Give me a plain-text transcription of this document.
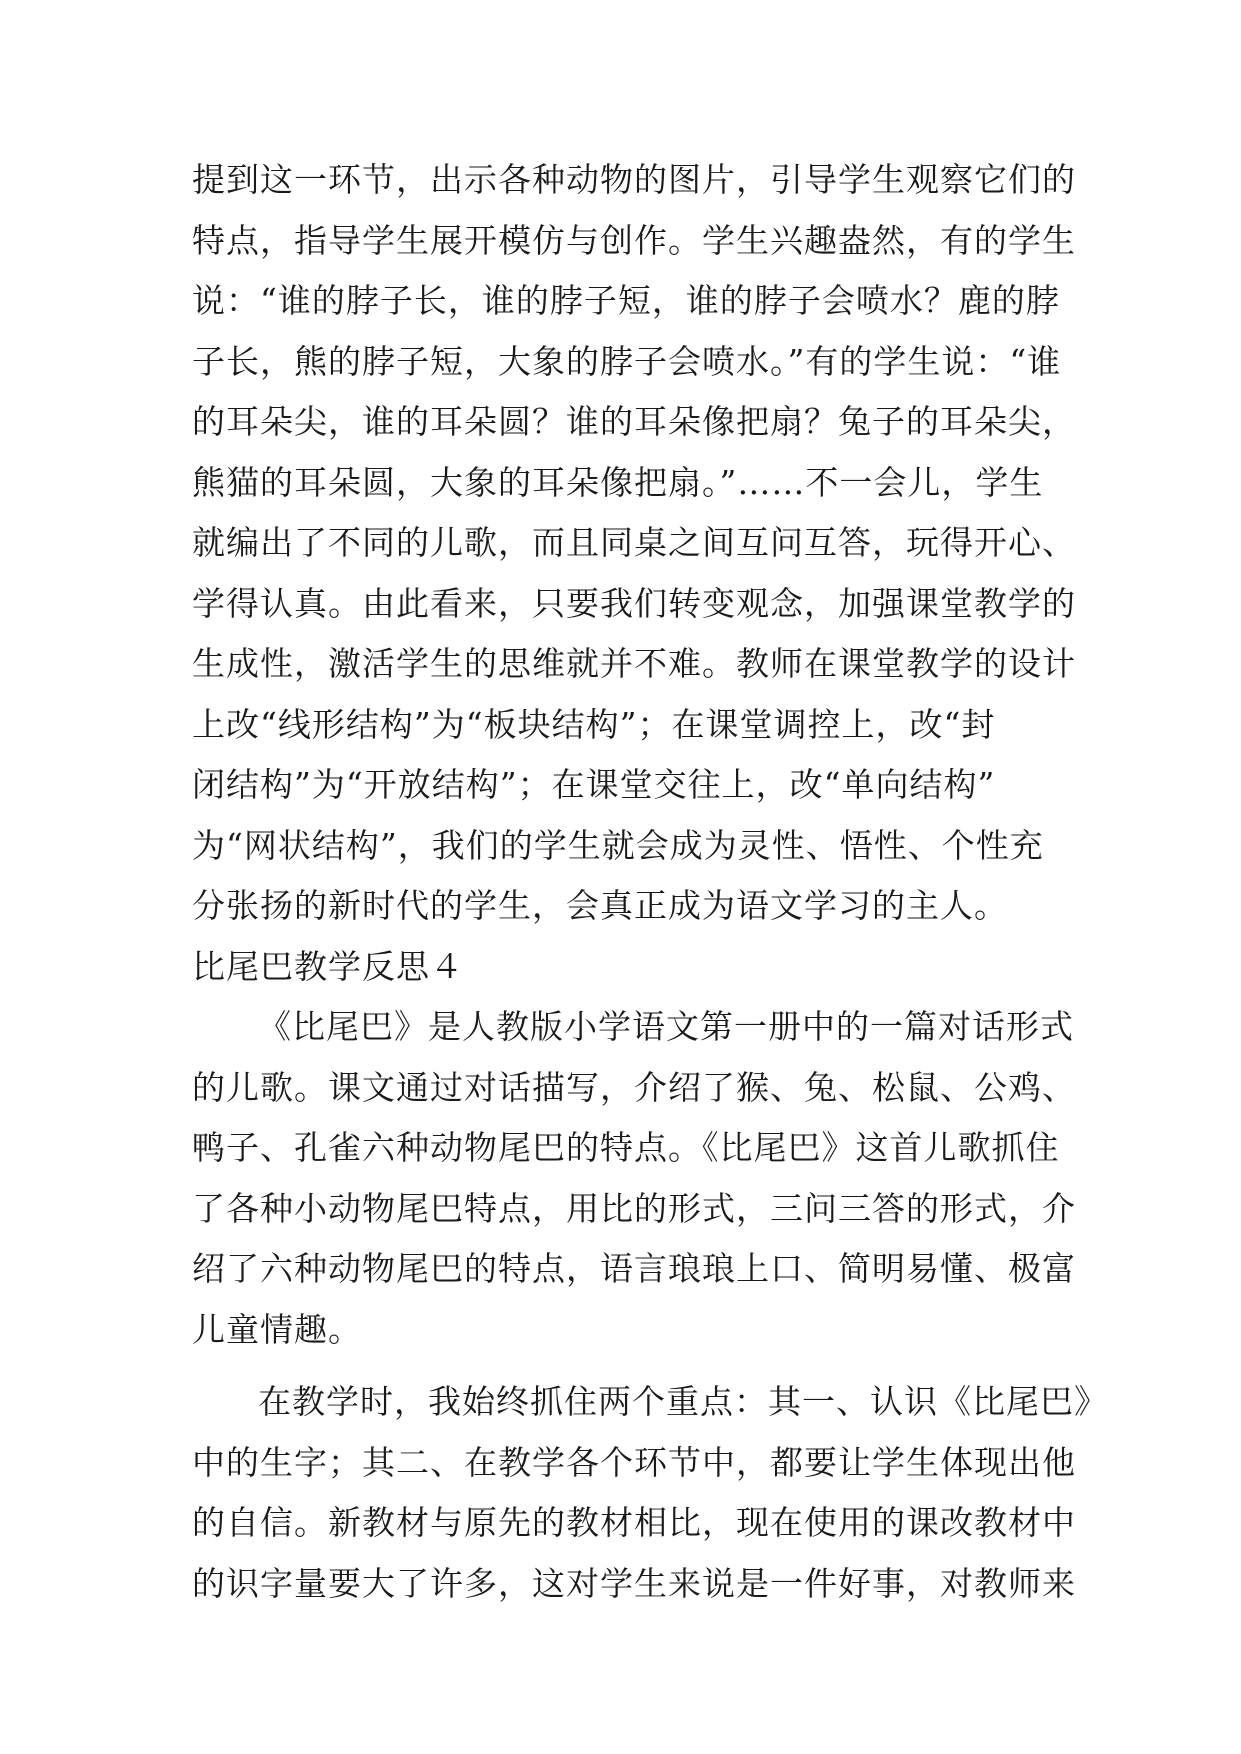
提到这一环节，出示各种动物的图片，引导学生观察它们的
特点，指导学生展开模仿与创作。学生兴趣盎然，有的学生
说：“谁的脖子长，谁的脖子短，谁的脖子会喷水？鹿的脖
子长，熊的脖子短，大象的脖子会喷水。”有的学生说：“谁
的耳朵尖，谁的耳朵圆？谁的耳朵像把扇？兔子的耳朵尖，
熊猫的耳朵圆，大象的耳朵像把扇。”……不一会儿，学生
就编出了不同的儿歌，而且同桌之间互问互答，玩得开心、
学得认真。由此看来，只要我们转变观念，加强课堂教学的
生成性，激活学生的思维就并不难。教师在课堂教学的设计
上改“线形结构”为“板块结构”；在课堂调控上，改“封
闭结构”为“开放结构”；在课堂交往上，改“单向结构”
为“网状结构”，我们的学生就会成为灵性、悟性、个性充
分张扬的新时代的学生，会真正成为语文学习的主人。
比尾巴教学反思４
《比尾巴》是人教版小学语文第一册中的一篇对话形式
的儿歌。课文通过对话描写，介绍了猴、兔、松鼠、公鸡、
鸭子、孔雀六种动物尾巴的特点。《比尾巴》这首儿歌抓住
了各种小动物尾巴特点，用比的形式，三问三答的形式，介
绍了六种动物尾巴的特点，语言琅琅上口、简明易懂、极富
儿童情趣。
在教学时，我始终抓住两个重点：其一、认识《比尾巴》
中的生字；其二、在教学各个环节中，都要让学生体现出他
的自信。新教材与原先的教材相比，现在使用的课改教材中
的识字量要大了许多，这对学生来说是一件好事，对教师来
